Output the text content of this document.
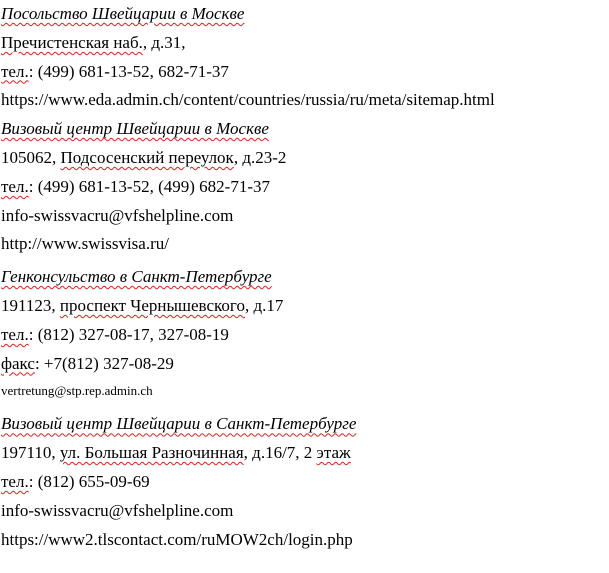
Посольство Швейцарии в Москве
Пречистенская наб., д.31,
тел.: (499) 681-13-52, 682-71-37
https://www.eda.admin.ch/content/countries/russia/ru/meta/sitemap.html
Визовый центр Швейцарии в Москве
105062, Подсосенский переулок, д.23-2
тел.: (499) 681-13-52, (499) 682-71-37
info-swissvacru@vfshelpline.com
http://www.swissvisa.ru/
Генконсульство в Санкт-Петербурге
191123, проспект Чернышевского, д.17
тел.: (812) 327-08-17, 327-08-19
факс: +7(812) 327-08-29
vertretung@stp.rep.admin.ch
Визовый центр Швейцарии в Санкт-Петербурге
197110, ул. Большая Разночинная, д.16/7, 2 этаж
тел.: (812) 655-09-69
info-swissvacru@vfshelpline.com
https://www2.tlscontact.com/ruMOW2ch/login.php
